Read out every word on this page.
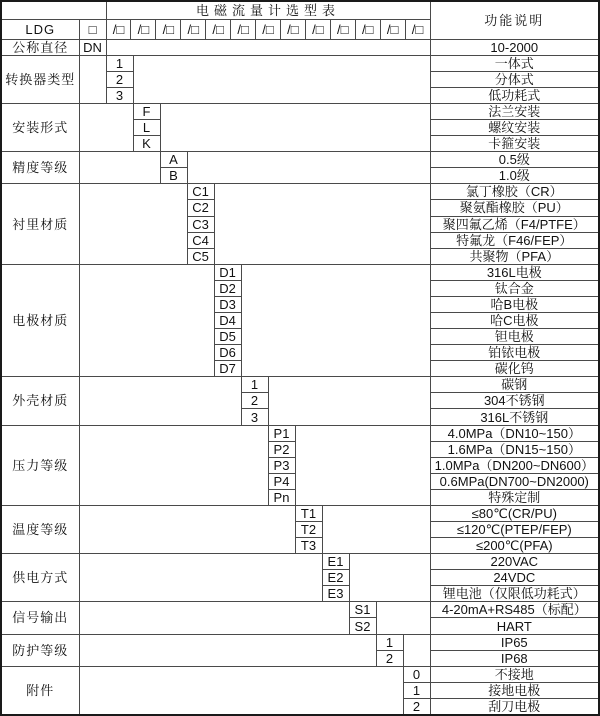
		电磁流量计选型表												功能说明
LDG	□	/□	/□	/□	/□	/□	/□	/□	/□	/□	/□	/□	/□	/□

公称直径	DN													10-2000
转换器类型		1												一体式
		2												分体式
		3												低功耗式
安装形式			F											法兰安装
			L											螺纹安装
			K											卡箍安装
精度等级				A										0.5级
				B										1.0级
衬里材质					C1									氯丁橡胶（CR）
					C2									聚氨酯橡胶（PU）
					C3									聚四氟乙烯（F4/PTFE）
					C4									特氟龙（F46/FEP）
					C5									共聚物（PFA）
电极材质						D1								316L电极
						D2								钛合金
						D3								哈B电极
						D4								哈C电极
						D5								钽电极
						D6								铂铱电极
						D7								碳化钨
外壳材质							1							碳钢
							2							304不锈钢
							3							316L不锈钢
压力等级								P1						4.0MPa（DN10~150）
								P2						1.6MPa（DN15~150）
								P3						1.0MPa（DN200~DN600）
								P4						0.6MPa(DN700~DN2000)
								Pn						特殊定制
温度等级									T1					≤80℃(CR/PU)
									T2					≤120℃(PTEP/FEP)
									T3					≤200℃(PFA)
供电方式										E1				220VAC
										E2				24VDC
										E3				锂电池（仅限低功耗式）
信号输出											S1			4-20mA+RS485（标配）
											S2			HART
防护等级												1		IP65
												2		IP68
附件													0	不接地
													1	接地电极
													2	刮刀电极
